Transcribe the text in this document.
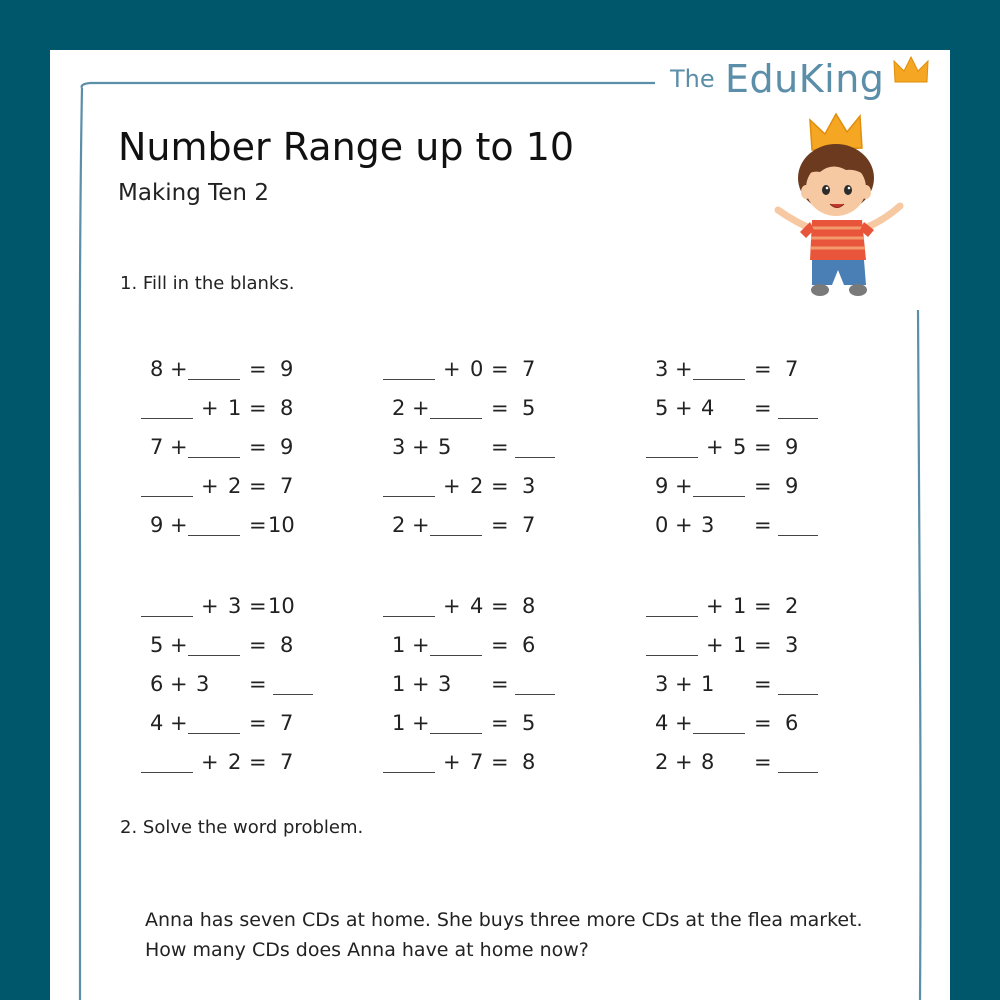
The EduKing
Number Range up to 10
Making Ten 2
1. Fill in the blanks.
8 +	= 9
+ 1 = 8
7 +	= 9
+ 2 = 7
9 +	= 10
+ 0 = 7
2 +	= 5
3 + 5 =
+ 2 = 3
2 +	= 7
3 +	= 7
5 + 4 =
+ 5 = 9
9 +	= 9
0 + 3 =
+ 3 = 10
5 +	= 8
6 + 3 =
4 +	= 7
+ 2 = 7
+ 4 = 8
1 +	= 6
1 + 3 =
1 +	= 5
+ 7 = 8
+ 1 = 2
+ 1 = 3
3 + 1 =
4 +	= 6
2 + 8 =
2. Solve the word problem.
Anna has seven CDs at home. She buys three more CDs at the flea market.
How many CDs does Anna have at home now?
